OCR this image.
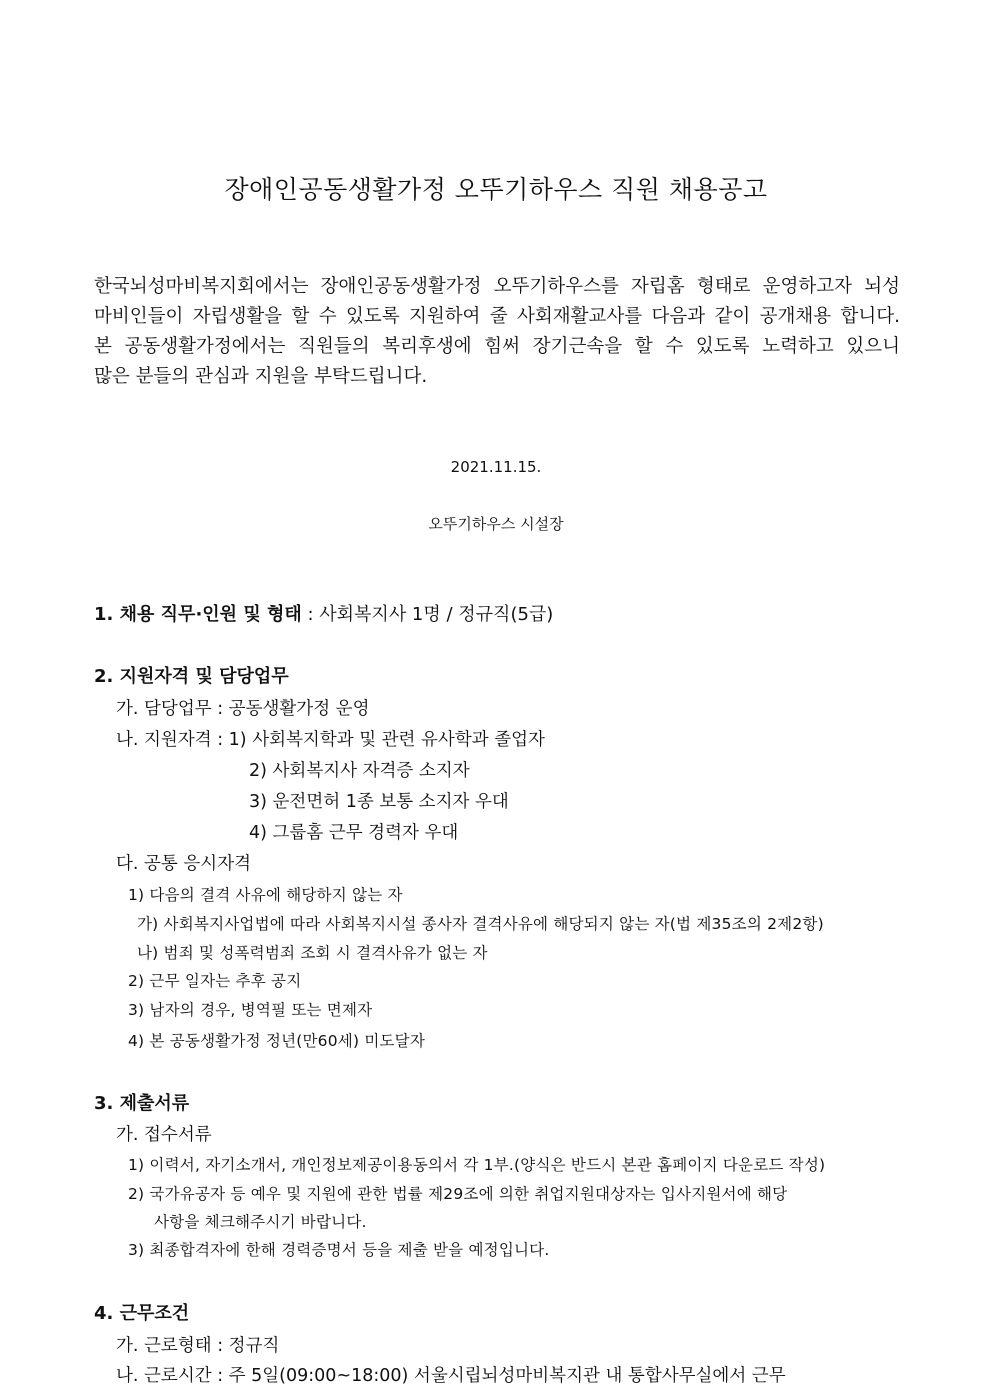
장애인공동생활가정 오뚜기하우스 직원 채용공고
한국뇌성마비복지회에서는 장애인공동생활가정 오뚜기하우스를 자립홈 형태로 운영하고자 뇌성
마비인들이 자립생활을 할 수 있도록 지원하여 줄 사회재활교사를 다음과 같이 공개채용 합니다.
본 공동생활가정에서는 직원들의 복리후생에 힘써 장기근속을 할 수 있도록 노력하고 있으니
많은 분들의 관심과 지원을 부탁드립니다.
2021.11.15.
오뚜기하우스 시설장
1. 채용 직무·인원 및 형태 : 사회복지사 1명 / 정규직(5급)
2. 지원자격 및 담당업무
가. 담당업무 : 공동생활가정 운영
나. 지원자격 : 1) 사회복지학과 및 관련 유사학과 졸업자
2) 사회복지사 자격증 소지자
3) 운전면허 1종 보통 소지자 우대
4) 그룹홈 근무 경력자 우대
다. 공통 응시자격
1) 다음의 결격 사유에 해당하지 않는 자
가) 사회복지사업법에 따라 사회복지시설 종사자 결격사유에 해당되지 않는 자(법 제35조의 2제2항)
나) 범죄 및 성폭력범죄 조회 시 결격사유가 없는 자
2) 근무 일자는 추후 공지
3) 남자의 경우, 병역필 또는 면제자
4) 본 공동생활가정 정년(만60세) 미도달자
3. 제출서류
가. 접수서류
1) 이력서, 자기소개서, 개인정보제공이용동의서 각 1부.(양식은 반드시 본관 홈페이지 다운로드 작성)
2) 국가유공자 등 예우 및 지원에 관한 법률 제29조에 의한 취업지원대상자는 입사지원서에 해당
사항을 체크해주시기 바랍니다.
3) 최종합격자에 한해 경력증명서 등을 제출 받을 예정입니다.
4. 근무조건
가. 근로형태 : 정규직
나. 근로시간 : 주 5일(09:00~18:00) 서울시립뇌성마비복지관 내 통합사무실에서 근무
